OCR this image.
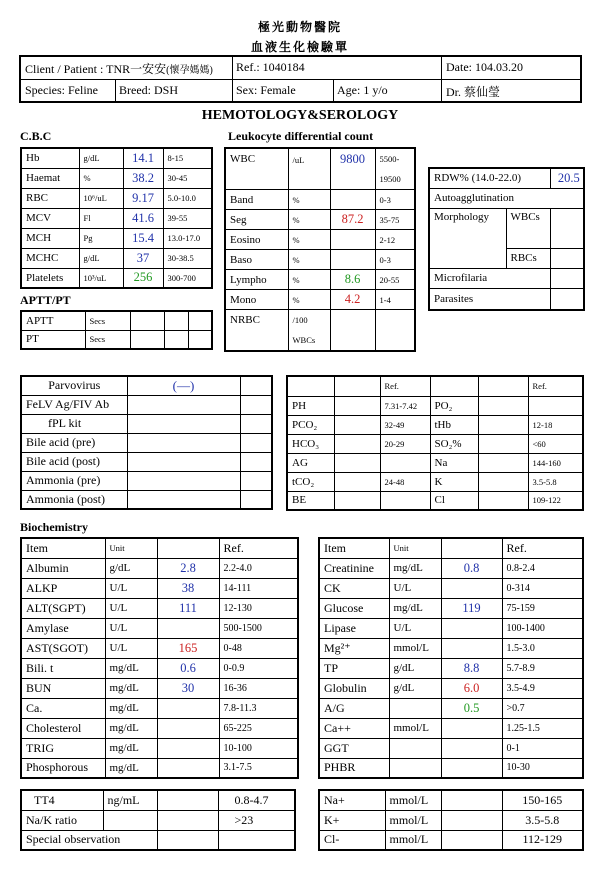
極光動物醫院
血液生化檢驗單
Client / Patient : TNR一安安(懷孕媽媽) Ref.: 1040184	Date: 104.03.20
Species: Feline Breed: DSH	Sex: Female	Age: 1 y/o	Dr. 蔡仙瑩
HEMOTOLOGY&SEROLOGY
C.B.C
Hb	g/dL	14.1	8-15
Haemat	%	38.2	30-45
RBC	10⁶/uL	9.17	5.0-10.0
MCV	Fl	41.6	39-55
MCH	Pg	15.4	13.0-17.0
MCHC	g/dL	37	30-38.5
Platelets	10³/uL	256	300-700
APTT/PT
APTT	Secs			
PT	Secs			
Leukocyte differential count
WBC	/uL	9800	5500-
19500

Band	%		0-3
Seg	%	87.2	35-75
Eosino	%		2-12
Baso	%		0-3
Lympho	%	8.6	20-55
Mono	%	4.2	1-4
NRBC	/100
WBCs		

RDW% (14.0-22.0)		20.5
Autoagglutination		
Morphology	WBCs	
	RBCs	
Microfilaria		
Parasites		
Parvovirus	(—)	
FeLV Ag/FIV Ab		
fPL kit		
Bile acid (pre)		
Bile acid (post)		
Ammonia (pre)		
Ammonia (post)		
		Ref.			Ref.
PH		7.31-7.42	PO₂		
PCO₂		32-49	tHb		12-18
HCO₃		20-29	SO₂%		<60
AG			Na		144-160
tCO₂		24-48	K		3.5-5.8
BE			Cl		109-122
Biochemistry
Item	Unit		Ref.
Albumin	g/dL	2.8	2.2-4.0
ALKP	U/L	38	14-111
ALT(SGPT)	U/L	111	12-130
Amylase	U/L		500-1500
AST(SGOT)	U/L	165	0-48
Bili. t	mg/dL	0.6	0-0.9
BUN	mg/dL	30	16-36
Ca.	mg/dL		7.8-11.3
Cholesterol	mg/dL		65-225
TRIG	mg/dL		10-100
Phosphorous	mg/dL		3.1-7.5
Item	Unit		Ref.
Creatinine	mg/dL	0.8	0.8-2.4
CK	U/L		0-314
Glucose	mg/dL	119	75-159
Lipase	U/L		100-1400
Mg²⁺	mmol/L		1.5-3.0
TP	g/dL	8.8	5.7-8.9
Globulin	g/dL	6.0	3.5-4.9
A/G		0.5	>0.7
Ca++	mmol/L		1.25-1.5
GGT			0-1
PHBR			10-30
TT4	ng/mL		0.8-4.7
Na/K ratio			>23
Special observation			
Na+	mmol/L		150-165
K+	mmol/L		3.5-5.8
Cl-	mmol/L		112-129
